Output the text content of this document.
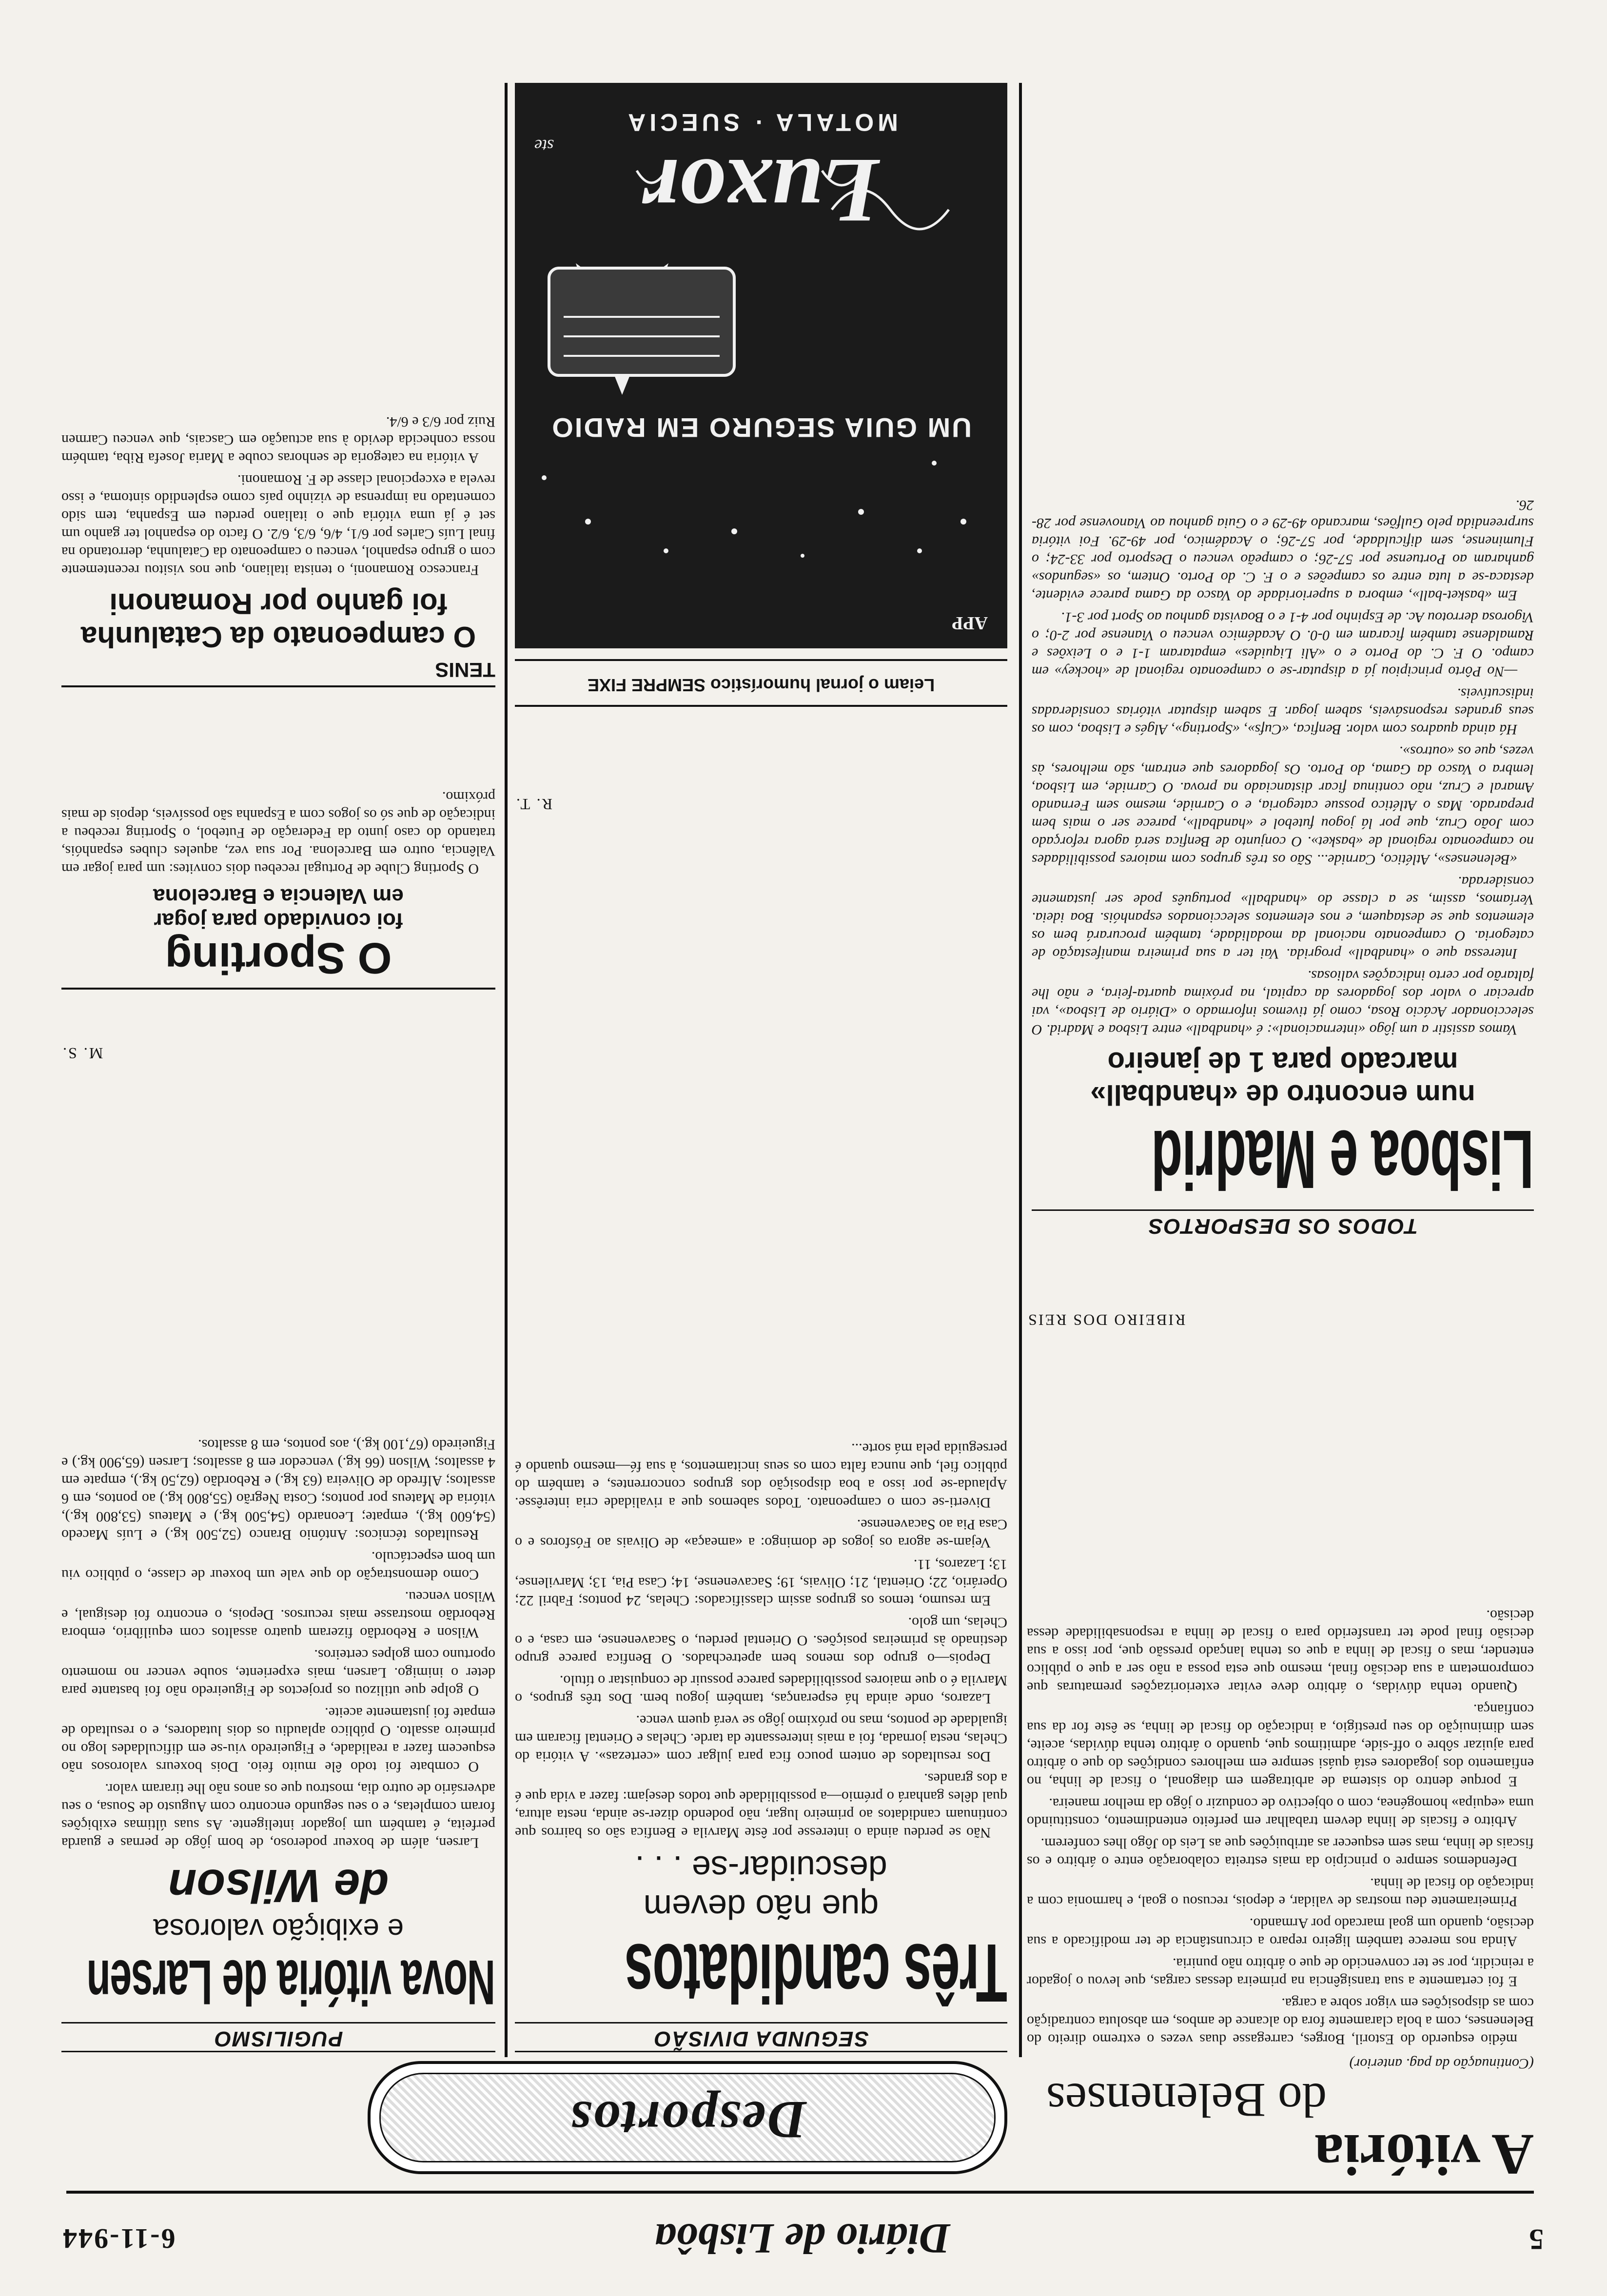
5
Diário de Lisbôa
6-11-944
Desportos
A vitória
do Belenenses
(Continuação da pag. anterior)

médio esquerdo do Estoril, Borges, carregasse duas vezes o extremo direito do Belenenses, com a bola claramente fora do alcance de ambos, em absoluta contradição com as disposições em vigor sobre a carga.

E foi certamente a sua transigência na primeira dessas cargas, que levou o jogador a reincidir, por se ter convencido de que o árbitro não puniria.

Ainda nos merece também ligeiro reparo a circunstância de ter modificado a sua decisão, quando um goal marcado por Armando.

Primeiramente deu mostras de validar, e depois, recusou o goal, e harmonia com a indicação do fiscal de linha.

Defendemos sempre o princípio da mais estreita colaboração entre o árbitro e os fiscais de linha, mas sem esquecer as atribuições que as Leis do Jôgo lhes conferem.

Arbitro e fiscais de linha devem trabalhar em perfeito entendimento, constituindo uma «equipa» homogénea, com o objectivo de conduzir o jôgo da melhor maneira.

E porque dentro do sistema de arbitragem em diagonal, o fiscal de linha, no enfiamento dos jogadores está quási sempre em melhores condições do que o árbitro para ajuizar sôbre o off-side, admitimos que, quando o árbitro tenha dúvidas, aceite, sem diminuição do seu prestígio, a indicação do fiscal de linha, se êste for da sua confiança.

Quando tenha dúvidas, o árbitro deve evitar exteriorizações prematuras que comprometam a sua decisão final, mesmo que esta possa a não ser a que o público entender, mas o fiscal de linha a que os tenha lançado pressão que, por isso a sua decisão final pode ter transferido para o fiscal de linha a responsabilidade dessa decisão.

RIBEIRO DOS REIS
TODOS OS DESPORTOS
Lisboa e Madrid
num encontro de «handball»
marcado para 1 de janeiro

Vamos assistir a um jôgo «internacional»: é «handball» entre Lisboa e Madrid. O seleccionador Acácio Rosa, como já tivemos informado o «Diário de Lisboa», vai apreciar o valor dos jogadores da capital, na próxima quarta-feira, e não lhe faltarão por certo indicações valiosas.

Interessa que o «handball» progrida. Vai ter a sua primeira manifestação de categoria. O campeonato nacional da modalidade, também procurará bem os elementos que se destaquem, e nos elementos seleccionados espanhóis. Boa ideia. Veríamos, assim, se a classe do «handball» português pode ser justamente considerada.

«Belenenses», Atlético, Carnide... São os três grupos com maiores possibilidades no campeonato regional de «basket». O conjunto de Benfica será agora reforçado com João Cruz, que por lá jogou futebol e «handball», parece ser o mais bem preparado. Mas o Atlético possue categoria, e o Carnide, mesmo sem Fernando Amaral e Cruz, não continua ficar distanciado na prova. O Carnide, em Lisboa, lembra o Vasco da Gama, do Porto. Os jogadores que entram, são melhores, às vezes, que os «outros».

Há ainda quadros com valor. Benfica, «Cufs», «Sporting», Algés e Lisboa, com os seus grandes responsáveis, sabem jogar. E sabem disputar vitórias consideradas indiscutíveis.

—No Pôrto principiou já a disputar-se o campeonato regional de «hockey» em campo. O F. C. do Porto e o «Ali Liquides» empataram 1-1 e o Leixões e Ramaldense também ficaram em 0-0. O Académico venceu o Vianense por 2-0; o Vigorosa derrotou Ac. de Espinho por 4-1 e o Boavista ganhou ao Sport por 3-1.

Em «basket-ball», embora a superioridade do Vasco da Gama parece evidente, destaca-se a luta entre os campeões e o F. C. do Porto. Ontem, os «segundos» ganharam ao Portuense por 57-26; o campeão venceu o Desporto por 33-24; o Fluminense, sem dificuldade, por 57-26; o Académico, por 49-29. Foi vitória surpreendida pelo Gulfões, marcando 49-29 e o Guia ganhou ao Vianovense por 28-26.

SEGUNDA DIVISÃO
Três candidatos
que não devem
descuidar-se . . .

Não se perdeu ainda o interesse por êste Marvila e Benfica são os bairros que continuam candidatos ao primeiro lugar, não podendo dizer-se ainda, nesta altura, qual dêles ganhará o prémio—a possibilidade que todos desejam: fazer a vida que é a dos grandes.

Dos resultados de ontem pouco fica para julgar com «certezas». A vitória do Chelas, nesta jornada, foi a mais interessante da tarde. Chelas e Oriental ficaram em igualdade de pontos, mas no próximo jôgo se verá quem vence.

Lazaros, onde ainda há esperanças, também jogou bem. Dos três grupos, o Marvila é o que maiores possibilidades parece possuir de conquistar o título.

Depois—o grupo dos menos bem apetrechados. O Benfica parece grupo destinado às primeiras posições. O Oriental perdeu, o Sacavenense, em casa, e o Chelas, um golo.

Em resumo, temos os grupos assim classificados: Chelas, 24 pontos; Fabril 22; Operário, 22; Oriental, 21; Olivais, 19; Sacavenense, 14; Casa Pia, 13; Marvilense, 13; Lazaros, 11.

Vejam-se agora os jogos de domingo: a «ameaça» de Olivais ao Fósforos e o Casa Pia ao Sacavenense.

Diverti-se com o campeonato. Todos sabemos que a rivalidade cria interêsse. Aplauda-se por isso a boa disposição dos grupos concorrentes, e também do público fiel, que nunca falta com os seus incitamentos, à sua fé—mesmo quando é perseguida pela má sorte...

R. T.
Leiam o jornal humorístico SEMPRE FIXE
APP
UM GUIA SEGURO EM RADIO
Luxor
MOTALA · SUECIA
ste
PUGILISMO
Nova vitória de Larsen
e exibição valorosa
de Wilson

Larsen, além de boxeur poderoso, de bom jôgo de pernas e guarda perfeita, é também um jogador inteligente. As suas últimas exibições foram completas, e o seu segundo encontro com Augusto de Sousa, o seu adversário de outro dia, mostrou que os anos não lhe tiraram valor.

O combate foi todo êle muito feio. Dois boxeurs valorosos não esquecem fazer a realidade, e Figueiredo viu-se em dificuldades logo no primeiro assalto. O público aplaudiu os dois lutadores, e o resultado de empate foi justamente aceite.

O golpe que utilizou os projectos de Figueiredo não foi bastante para deter o inimigo. Larsen, mais experiente, soube vencer no momento oportuno com golpes certeiros.

Wilson e Rebordão fizeram quatro assaltos com equilíbrio, embora Rebordão mostrasse mais recursos. Depois, o encontro foi desigual, e Wilson venceu.

Como demonstração do que vale um boxeur de classe, o público viu um bom espectáculo.

Resultados técnicos: António Branco (52,500 kg.) e Luís Macedo (54,600 kg.), empate; Leonardo (54,500 kg.) e Mateus (53,800 kg.), vitória de Mateus por pontos; Costa Negrão (55,800 kg.) ao pontos, em 6 assaltos; Alfredo de Oliveira (63 kg.) e Rebordão (62,50 kg.), empate em 4 assaltos; Wilson (66 kg.) vencedor em 8 assaltos; Larsen (65,900 kg.) e Figueiredo (67,100 kg.), aos pontos, em 8 assaltos.

M. S.
O Sporting
foi convidado para jogar
em Valencia e Barcelona

O Sporting Clube de Portugal recebeu dois convites: um para jogar em Valência, outro em Barcelona. Por sua vez, aqueles clubes espanhóis, tratando do caso junto da Federação de Futebol, o Sporting recebeu a indicação de que só os jogos com a Espanha são possíveis, depois de mais próximo.

TENIS
O campeonato da Catalunha foi ganho por Romanoni

Francesco Romanoni, o tenista italiano, que nos visitou recentemente com o grupo espanhol, venceu o campeonato da Catalunha, derrotando na final Luís Carles por 6/1, 4/6, 6/3, 6/2. O facto do espanhol ter ganho um set é já uma vitória que o italiano perdeu em Espanha, tem sido comentado na imprensa de vizinho país como esplendido sintoma, e isso revela a excepcional classe de F. Romanoni.

A vitória na categoria de senhoras coube a Maria Josefa Riba, também nossa conhecida devido à sua actuação em Cascais, que venceu Carmen Ruiz por 6/3 e 6/4.
